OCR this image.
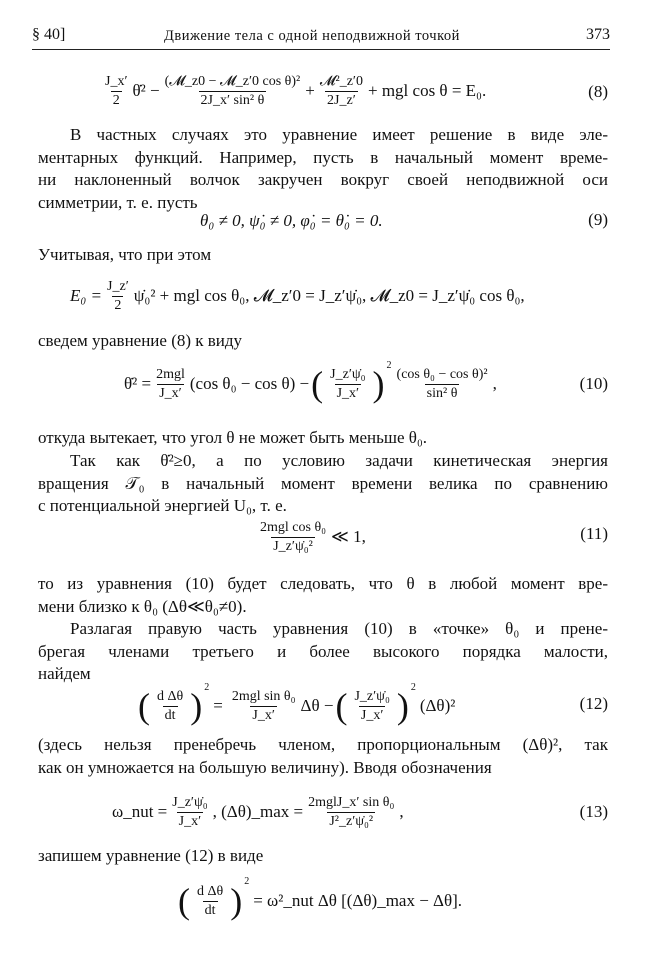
§ 40]	Движение тела с одной неподвижной точкой	373
$\frac{J\_x'}{2}$ θ̇² − $\frac{\text{(𝓜\_z0 − 𝓜\_z′0 cos θ)²}}{\text{2J\_x′ sin² θ}} + \frac{\text{𝓜²\_z′0}}{2J\_z'}$ + mgl cos θ = E₀.	(8)
В частных случаях это уравнение имеет решение в виде эле-
ментарных функций. Например, пусть в начальный момент време-
ни наклоненный волчок закручен вокруг своей неподвижной оси
симметрии, т. е. пусть
θ₀ ≠ 0, ψ̇₀ ≠ 0, φ̇₀ = θ̇₀ = 0.	(9)
Учитывая, что при этом
$E_0 = \frac{J\_z'}{2}$ ψ̇₀² + mgl cos θ₀, 𝓜_z′0 = J_z′ψ̇₀, 𝓜_z0 = J_z′ψ̇₀ cos θ₀,
сведем уравнение (8) к виду
θ̇² = $\frac{\text{2mgl}}{J\_x'} (\cos$ θ₀ − cos θ) − ( $\frac{\text{J\_z′ψ̇₀}}{J\_x'} )^2$
$\frac{\text{(cos θ₀ − cos θ)²}}{\text{sin² θ}}$ ,	(10)
откуда вытекает, что угол θ не может быть меньше θ₀.
Так как θ̇²≥0, а по условию задачи кинетическая энергия
вращения 𝒯₀ в начальный момент времени велика по сравнению
с потенциальной энергией U₀, т. е.
$\frac{\text{2mgl cos θ₀}}{\text{J\_z′ψ̇₀²}}$ ≪ 1,	(11)
то из уравнения (10) будет следовать, что θ в любой момент вре-
мени близко к θ₀ (Δθ≪θ₀≠0).
Разлагая правую часть уравнения (10) в «точке» θ₀ и прене-
брегая членами третьего и более высокого порядка малости,
найдем
( $\frac{\text{d Δθ}}{dt} )^2$
= $\frac{\text{2mgl sin θ₀}}{J\_x'}$ Δθ − ( $\frac{\text{J\_z′ψ̇₀}}{J\_x'} )^2$
(Δθ)²	(12)
(здесь нельзя пренебречь членом, пропорциональным (Δθ)², так
как он умножается на большую величину). Вводя обозначения
ω_nut = $\frac{\text{J\_z′ψ̇₀}}{J\_x'}$ , (Δθ)_max = $\frac{\text{2mglJ\_x′ sin θ₀}}{\text{J²\_z′ψ̇₀²}}$ ,	(13)
запишем уравнение (12) в виде
( $\frac{\text{d Δθ}}{dt} )^2$
= ω²_nut Δθ [(Δθ)_max − Δθ].
